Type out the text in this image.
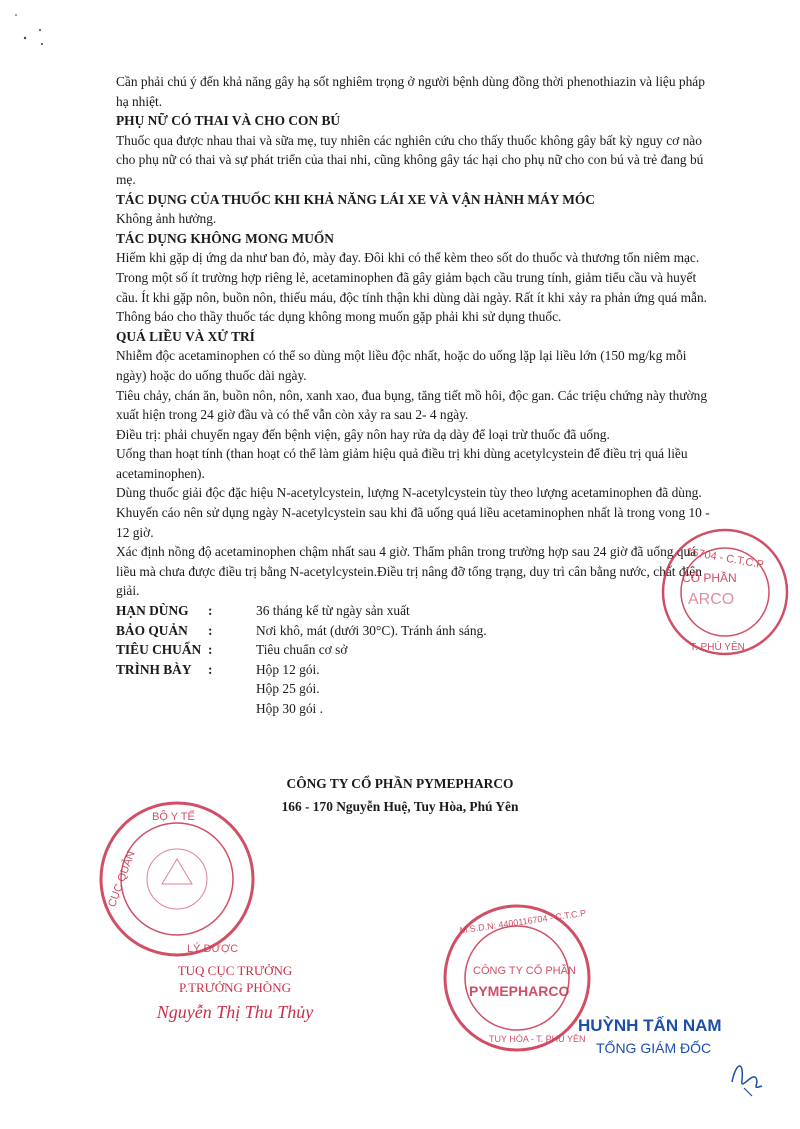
Cần phải chú ý đến khả năng gây hạ sốt nghiêm trọng ở người bệnh dùng đồng thời phenothiazin và liệu pháp hạ nhiệt.

PHỤ NỮ CÓ THAI VÀ CHO CON BÚ

Thuốc qua được nhau thai và sữa mẹ, tuy nhiên các nghiên cứu cho thấy thuốc không gây bất kỳ nguy cơ nào cho phụ nữ có thai và sự phát triển của thai nhi, cũng không gây tác hại cho phụ nữ cho con bú và trẻ đang bú mẹ.

TÁC DỤNG CỦA THUỐC KHI KHẢ NĂNG LÁI XE VÀ VẬN HÀNH MÁY MÓC

Không ảnh hưởng.

TÁC DỤNG KHÔNG MONG MUỐN

Hiếm khi gặp dị ứng da như ban đỏ, mày đay. Đôi khi có thể kèm theo sốt do thuốc và thương tổn niêm mạc. Trong một số ít trường hợp riêng lẻ, acetaminophen đã gây giảm bạch cầu trung tính, giảm tiểu cầu và huyết cầu. Ít khi gặp nôn, buồn nôn, thiếu máu, độc tính thận khi dùng dài ngày. Rất ít khi xảy ra phản ứng quá mẫn.

Thông báo cho thầy thuốc tác dụng không mong muốn gặp phải khi sử dụng thuốc.

QUÁ LIỀU VÀ XỬ TRÍ

Nhiễm độc acetaminophen có thể so dùng một liều độc nhất, hoặc do uống lặp lại liều lớn (150 mg/kg mỗi ngày) hoặc do uống thuốc dài ngày.

Tiêu chảy, chán ăn, buồn nôn, nôn, xanh xao, đua bụng, tăng tiết mồ hôi, độc gan. Các triệu chứng này thường xuất hiện trong 24 giờ đầu và có thể vẫn còn xảy ra sau 2- 4 ngày.

Điều trị: phải chuyển ngay đến bệnh viện, gây nôn hay rửa dạ dày để loại trừ thuốc đã uống.

Uống than hoạt tính (than hoạt có thể làm giảm hiệu quả điều trị khi dùng acetylcystein để điều trị quá liều acetaminophen).

Dùng thuốc giải độc đặc hiệu N-acetylcystein, lượng N-acetylcystein tùy theo lượng acetaminophen đã dùng.

Khuyến cáo nên sử dụng ngày N-acetylcystein sau khi đã uống quá liều acetaminophen nhất là trong vong 10 - 12 giờ.

Xác định nồng độ acetaminophen chậm nhất sau 4 giờ. Thẩm phân trong trường hợp sau 24 giờ đã uống quá liều mà chưa được điều trị bằng N-acetylcystein.Điều trị nâng đỡ tổng trạng, duy trì cân bằng nước, chất điện giải.

HẠN DÙNG :	36 tháng kể từ ngày sản xuất
BẢO QUẢN :	Nơi khô, mát (dưới 30°C). Tránh ánh sáng.
TIÊU CHUẨN :	Tiêu chuẩn cơ sở
TRÌNH BÀY :	Hộp 12 gói.
Hộp 25 gói.
Hộp 30 gói .
CÔNG TY CỔ PHẦN PYMEPHARCO
166 - 170 Nguyễn Huệ, Tuy Hòa, Phú Yên
16704 - C.T.C.P
CỔ PHẦN
ARCO
T. PHÚ YÊN
BỘ Y TẾ
CỤC QUẢN
LÝ DƯỢC
TUQ CỤC TRƯỞNG
P.TRƯỞNG PHÒNG
Nguyễn Thị Thu Thủy
M.S.D.N: 4400116704 - C.T.C.P
CÔNG TY CỔ PHẦN
PYMEPHARCO
TUY HÒA - T. PHÚ YÊN
HUỲNH TẤN NAM
TỔNG GIÁM ĐỐC
